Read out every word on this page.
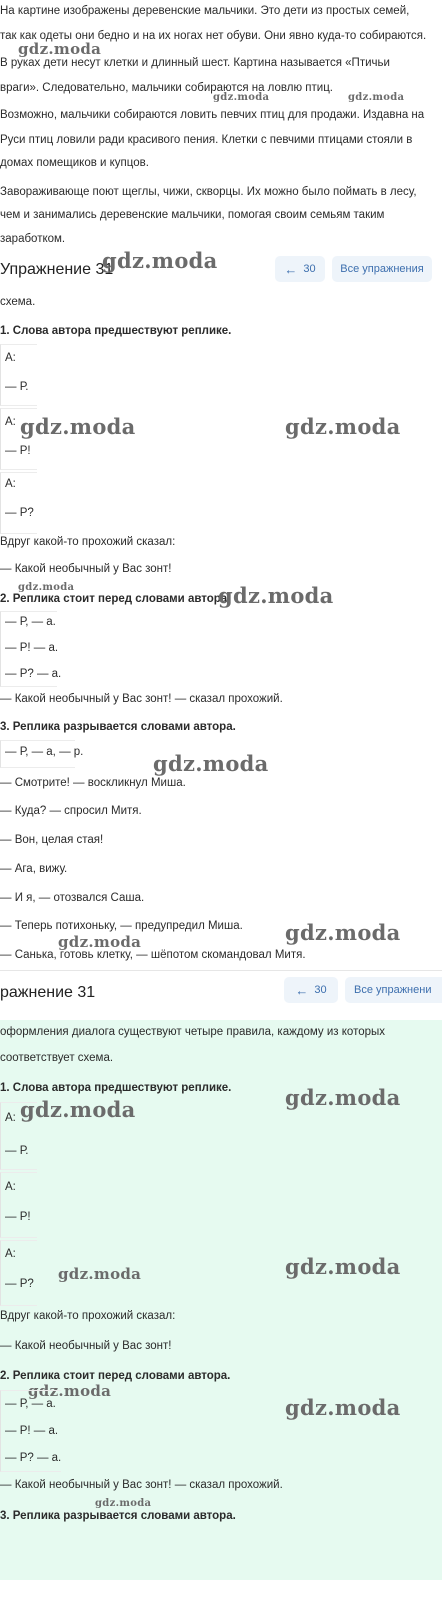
На картине изображены деревенские мальчики. Это дети из простых семей,
так как одеты они бедно и на их ногах нет обуви. Они явно куда-то собираются.
В руках дети несут клетки и длинный шест. Картина называется «Птичьи
враги». Следовательно, мальчики собираются на ловлю птиц.
Возможно, мальчики собираются ловить певчих птиц для продажи. Издавна на
Руси птиц ловили ради красивого пения. Клетки с певчими птицами стояли в
домах помещиков и купцов.
Завораживающе поют щеглы, чижи, скворцы. Их можно было поймать в лесу,
чем и занимались деревенские мальчики, помогая своим семьям таким
заработком.
gdz.moda
gdz.moda	gdz.moda
Упражнение 31
gdz.moda	← 30 Все упражнения
схема.
1. Слова автора предшествуют реплике.
А:
— Р.
А:
— Р!
А:
— Р?
gdz.moda	gdz.moda
Вдруг какой-то прохожий сказал:
— Какой необычный у Вас зонт!
gdz.moda
2. Реплика стоит перед словами автора.
gdz.moda
— Р, — а.
— Р! — а.
— Р? — а.
— Какой необычный у Вас зонт! — сказал прохожий.
3. Реплика разрывается словами автора.
— Р, — а, — р.	gdz.moda
— Смотрите! — воскликнул Миша.
— Куда? — спросил Митя.
— Вон, целая стая!
— Ага, вижу.
— И я, — отозвался Саша.
— Теперь потихоньку, — предупредил Миша. gdz.moda
gdz.moda
— Санька, готовь клетку, — шёпотом скомандовал Митя.
ражнение 31	← 30 Все упражнени
оформления диалога существуют четыре правила, каждому из которых
соответствует схема.
1. Слова автора предшествуют реплике.
gdz.moda	gdz.moda
А:
— Р.
А:
— Р!
А:
— Р?
gdz.moda	gdz.moda
Вдруг какой-то прохожий сказал:
— Какой необычный у Вас зонт!
2. Реплика стоит перед словами автора.
gdz.moda
— Р, — а.
— Р! — а.
— Р? — а.
gdz.moda
— Какой необычный у Вас зонт! — сказал прохожий.
gdz.moda
3. Реплика разрывается словами автора.
